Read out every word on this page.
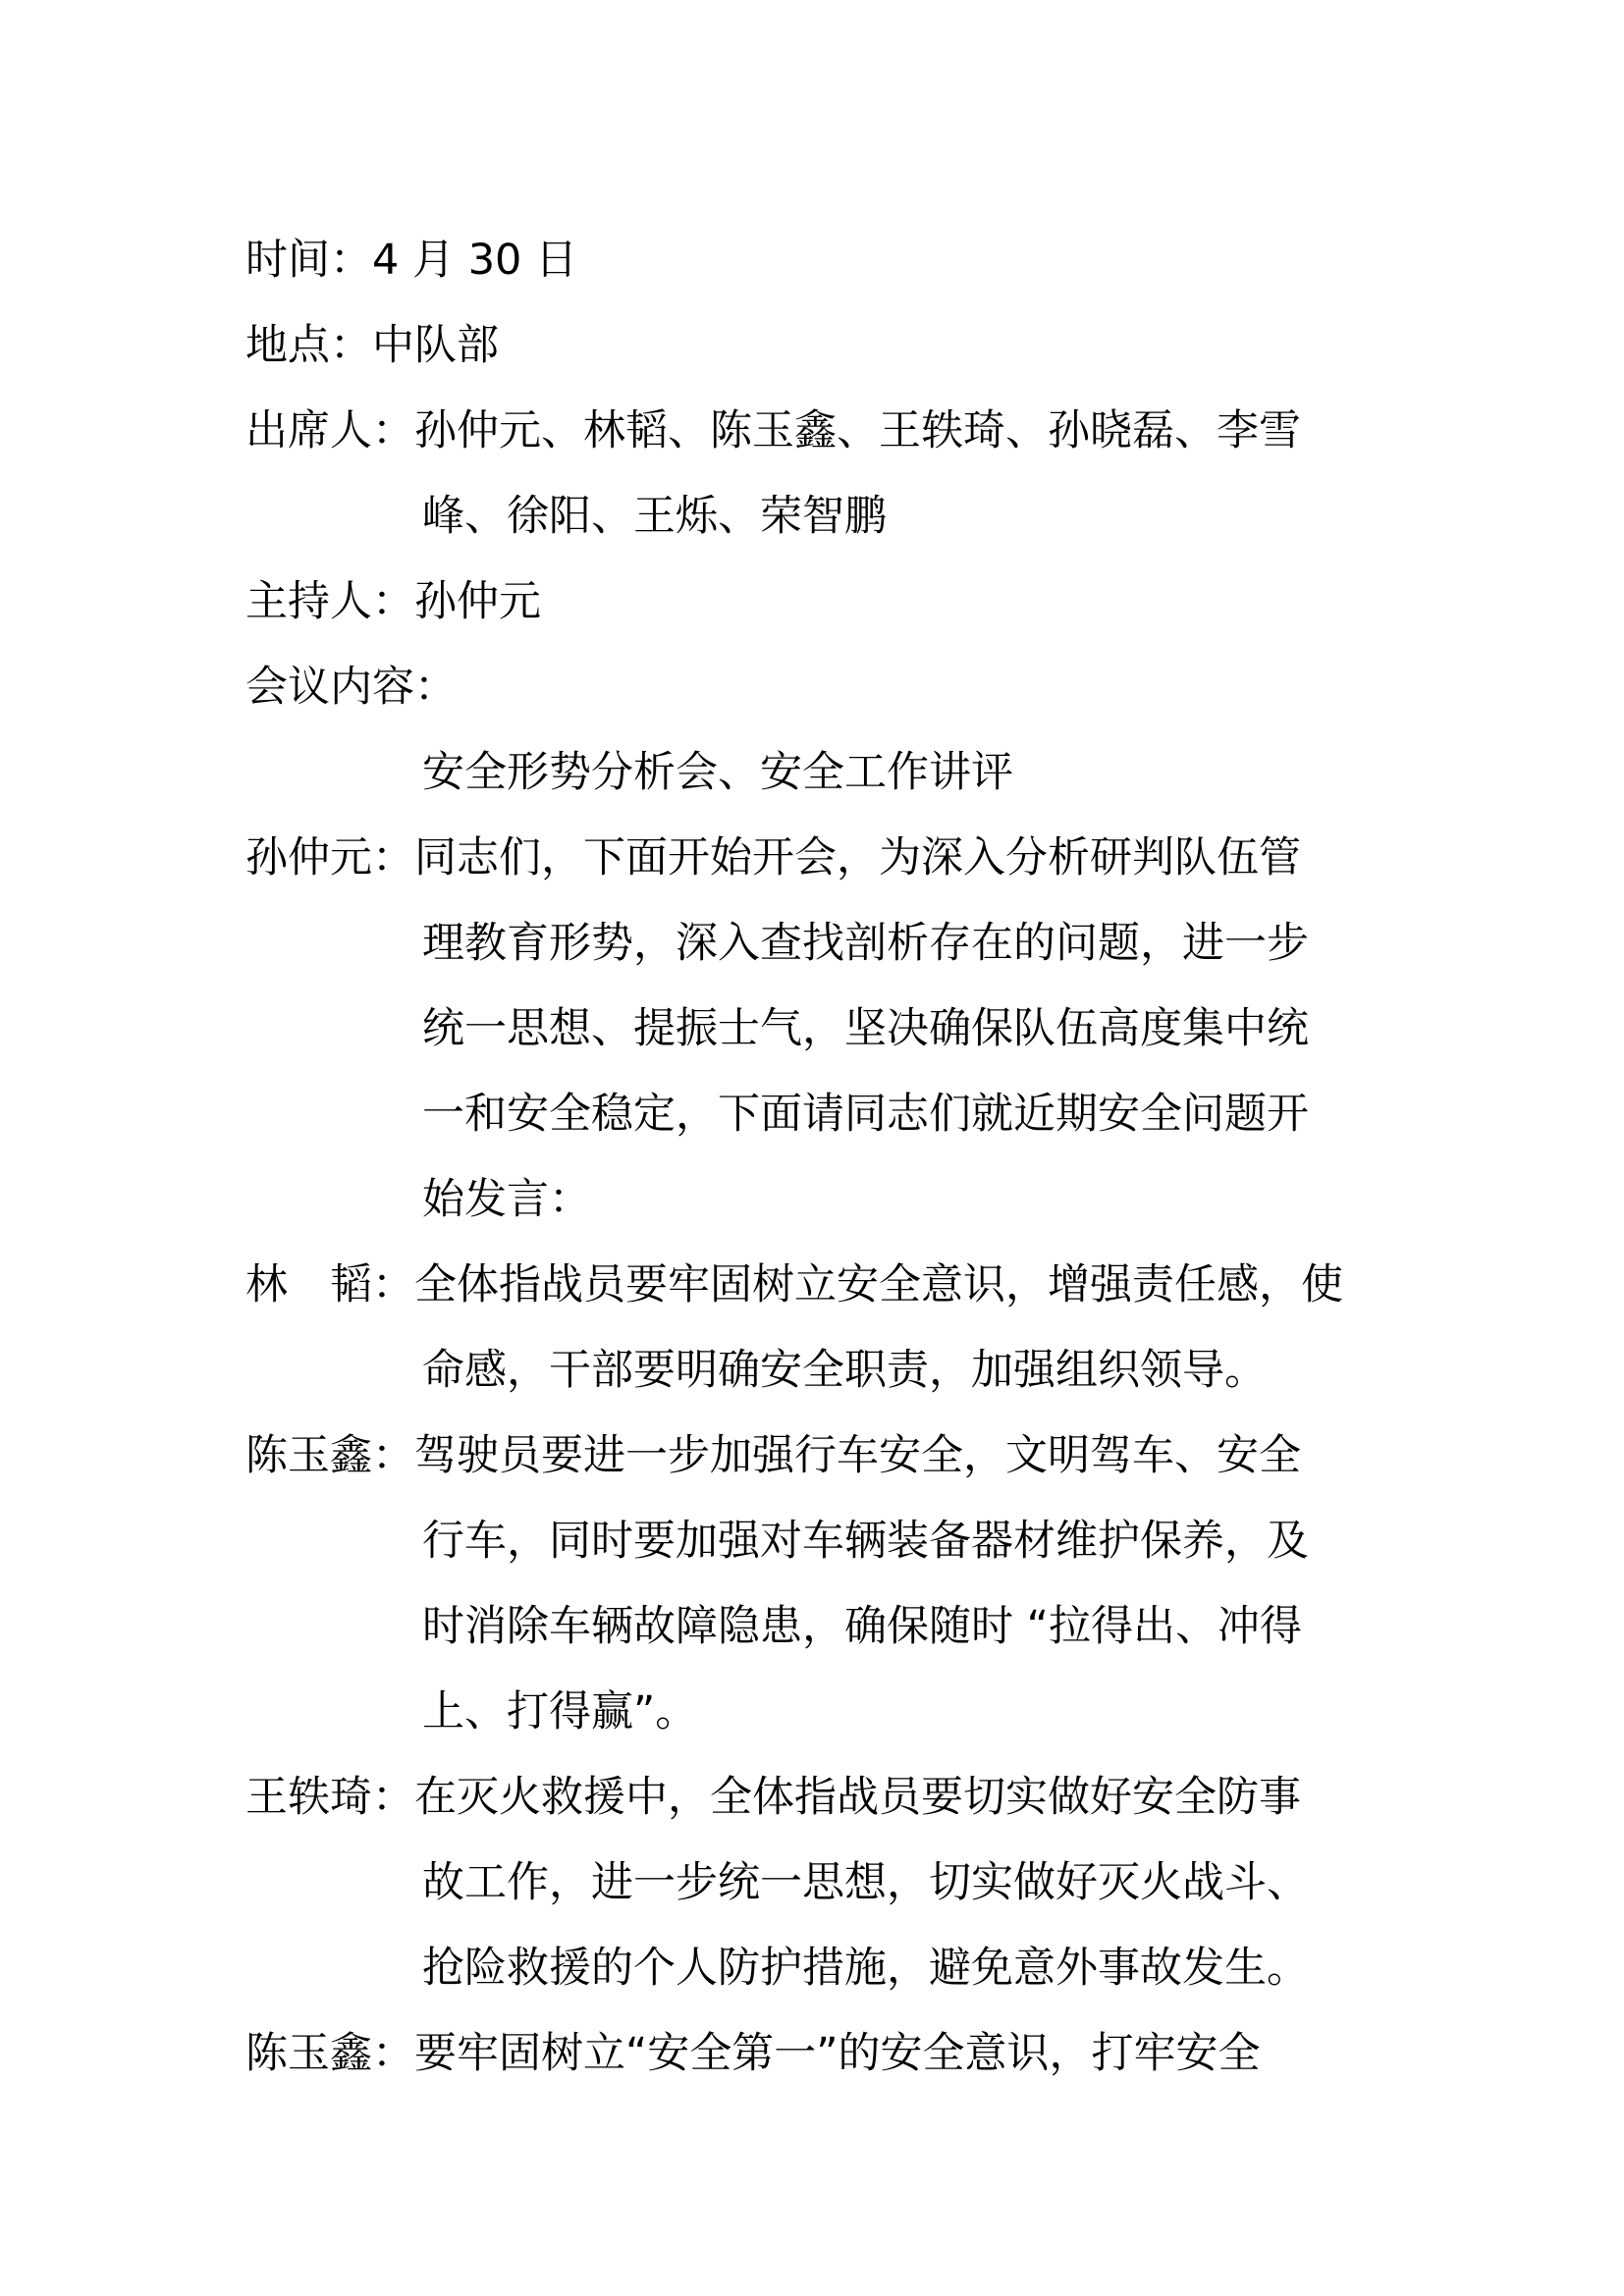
时间：4 月 30 日
地点：中队部
出席人：孙仲元、林韬、陈玉鑫、王轶琦、孙晓磊、李雪
峰、徐阳、王烁、荣智鹏
主持人：孙仲元
会议内容：
安全形势分析会、安全工作讲评
孙仲元：同志们，下面开始开会，为深入分析研判队伍管
理教育形势，深入查找剖析存在的问题，进一步
统一思想、提振士气，坚决确保队伍高度集中统
一和安全稳定，下面请同志们就近期安全问题开
始发言：
林　韬：全体指战员要牢固树立安全意识，增强责任感，使
命感，干部要明确安全职责，加强组织领导。
陈玉鑫：驾驶员要进一步加强行车安全，文明驾车、安全
行车，同时要加强对车辆装备器材维护保养，及
时消除车辆故障隐患，确保随时 “拉得出、冲得
上、打得赢”。
王轶琦：在灭火救援中，全体指战员要切实做好安全防事
故工作，进一步统一思想，切实做好灭火战斗、
抢险救援的个人防护措施，避免意外事故发生。
陈玉鑫：要牢固树立“安全第一”的安全意识，打牢安全
